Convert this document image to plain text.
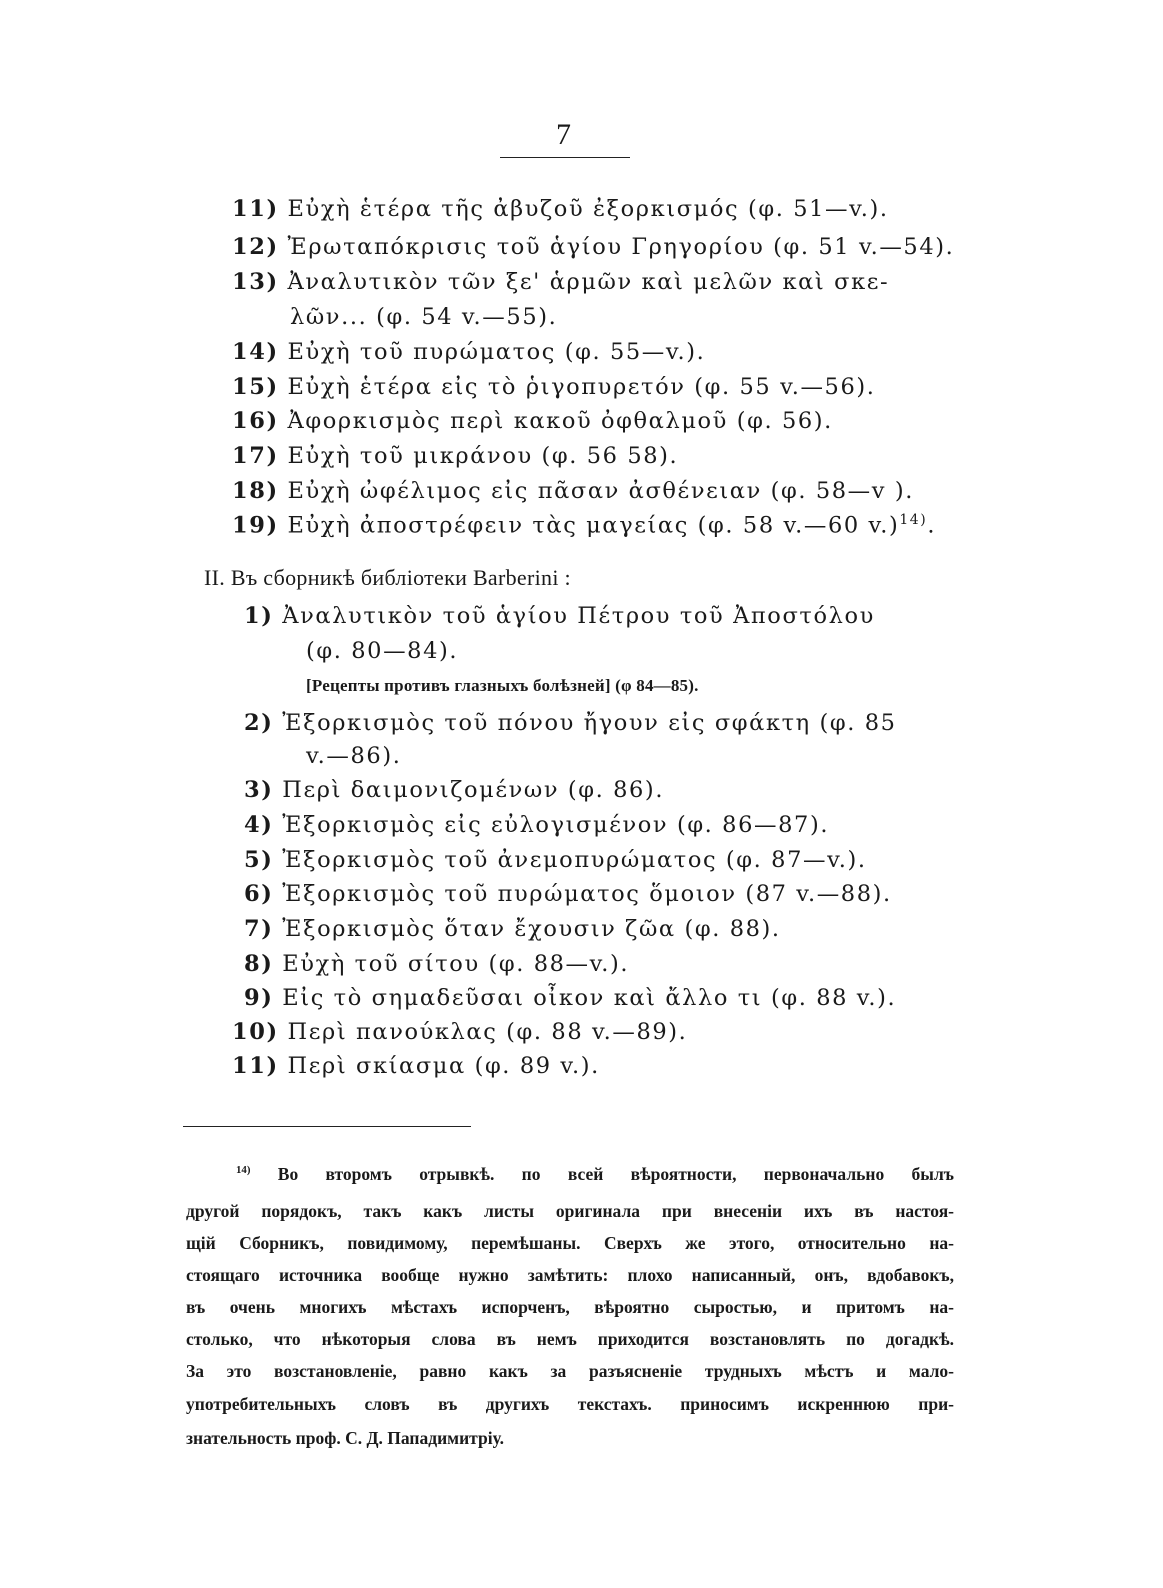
7
11) Εὐχὴ ἑτέρα τῆς ἀβυζοῦ ἐξορκισμός (φ. 51—v.).
12) Ἐρωταπόκρισις τοῦ ἁγίου Γρηγορίου (φ. 51 v.—54).
13) Ἀναλυτικὸν τῶν ξε' ἁρμῶν καὶ μελῶν καὶ σκε-
λῶν... (φ. 54 v.—55).
14) Εὐχὴ τοῦ πυρώματος (φ. 55—v.).
15) Εὐχὴ ἑτέρα εἰς τὸ ῥιγοπυρετόν (φ. 55 v.—56).
16) Ἀφορκισμὸς περὶ κακοῦ ὀφθαλμοῦ (φ. 56).
17) Εὐχὴ τοῦ μικράνου (φ. 56 58).
18) Εὐχὴ ὠφέλιμος εἰς πᾶσαν ἀσθένειαν (φ. 58—v ).
19) Εὐχὴ ἀποστρέφειν τὰς μαγείας (φ. 58 v.—60 v.)$^{14)}$.
II. Въ сборникѣ библіотеки Barberini :
1) Ἀναλυτικὸν τοῦ ἁγίου Πέτρου τοῦ Ἀποστόλου
(φ. 80—84).
[Рецепты противъ глазныхъ болѣзней] (φ 84—85).
2) Ἐξορκισμὸς τοῦ πόνου ἤγουν εἰς σφάκτη (φ. 85
v.—86).
3) Περὶ δαιμονιζομένων (φ. 86).
4) Ἐξορκισμὸς εἰς εὐλογισμένον (φ. 86—87).
5) Ἐξορκισμὸς τοῦ ἀνεμοπυρώματος (φ. 87—v.).
6) Ἐξορκισμὸς τοῦ πυρώματος ὅμοιον (87 v.—88).
7) Ἐξορκισμὸς ὅταν ἔχουσιν ζῶα (φ. 88).
8) Εὐχὴ τοῦ σίτου (φ. 88—v.).
9) Εἰς τὸ σημαδεῦσαι οἶκον καὶ ἄλλο τι (φ. 88 v.).
10) Περὶ πανούκλας (φ. 88 v.—89).
11) Περὶ σκίασμα (φ. 89 v.).
$^{14)}$ Во второмъ отрывкѣ. по всей вѣроятности, первоначально былъ
другой порядокъ, такъ какъ листы оригинала при внесеніи ихъ въ настоя-
щій Сборникъ, повидимому, перемѣшаны. Сверхъ же этого, относительно на-
стоящаго источника вообще нужно замѣтить: плохо написанный, онъ, вдобавокъ,
въ очень многихъ мѣстахъ испорченъ, вѣроятно сыростью, и притомъ на-
столько, что нѣкоторыя слова въ немъ приходится возстановлять по догадкѣ.
За это возстановленіе, равно какъ за разъясненіе трудныхъ мѣстъ и мало-
употребительныхъ словъ въ другихъ текстахъ. приносимъ искреннюю при-
знательность проф. С. Д. Пападимитріу.
